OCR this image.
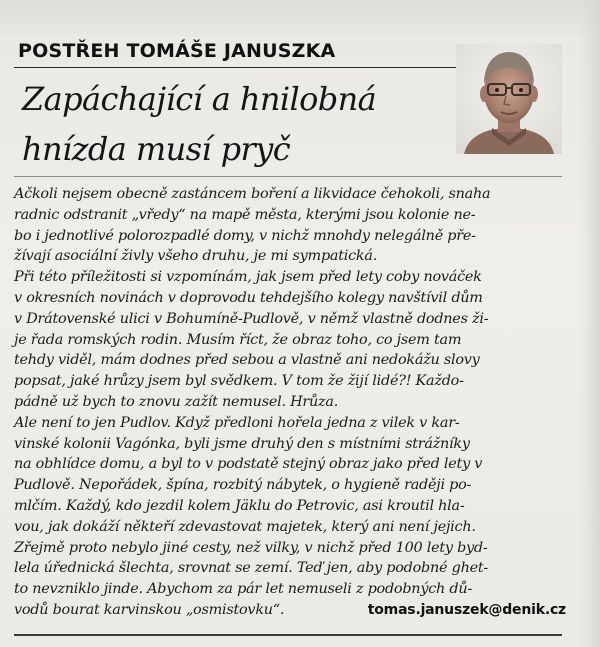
POSTŘEH TOMÁŠE JANUSZKA
Zapáchající a hnilobná
hnízda musí pryč
Ačkoli nejsem obecně zastáncem boření a likvidace čehokoli, snaha
radnic odstranit „vředy“ na mapě města, kterými jsou kolonie ne-
bo i jednotlivé polorozpadlé domy, v nichž mnohdy nelegálně pře-
žívají asociální živly všeho druhu, je mi sympatická.
Při této příležitosti si vzpomínám, jak jsem před lety coby nováček
v okresních novinách v doprovodu tehdejšího kolegy navštívil dům
v Drátovenské ulici v Bohumíně-Pudlově, v němž vlastně dodnes ži-
je řada romských rodin. Musím říct, že obraz toho, co jsem tam
tehdy viděl, mám dodnes před sebou a vlastně ani nedokážu slovy
popsat, jaké hrůzy jsem byl svědkem. V tom že žijí lidé?! Každo-
pádně už bych to znovu zažít nemusel. Hrůza.
Ale není to jen Pudlov. Když předloni hořela jedna z vilek v kar-
vinské kolonii Vagónka, byli jsme druhý den s místními strážníky
na obhlídce domu, a byl to v podstatě stejný obraz jako před lety v
Pudlově. Nepořádek, špína, rozbitý nábytek, o hygieně raději po-
mlčím. Každý, kdo jezdil kolem Jäklu do Petrovic, asi kroutil hla-
vou, jak dokáží někteří zdevastovat majetek, který ani není jejich.
Zřejmě proto nebylo jiné cesty, než vilky, v nichž před 100 lety byd-
lela úřednická šlechta, srovnat se zemí. Teď jen, aby podobné ghet-
to nevzniklo jinde. Abychom za pár let nemuseli z podobných dů-
vodů bourat karvinskou „osmistovku“.	tomas.januszek@denik.cz
